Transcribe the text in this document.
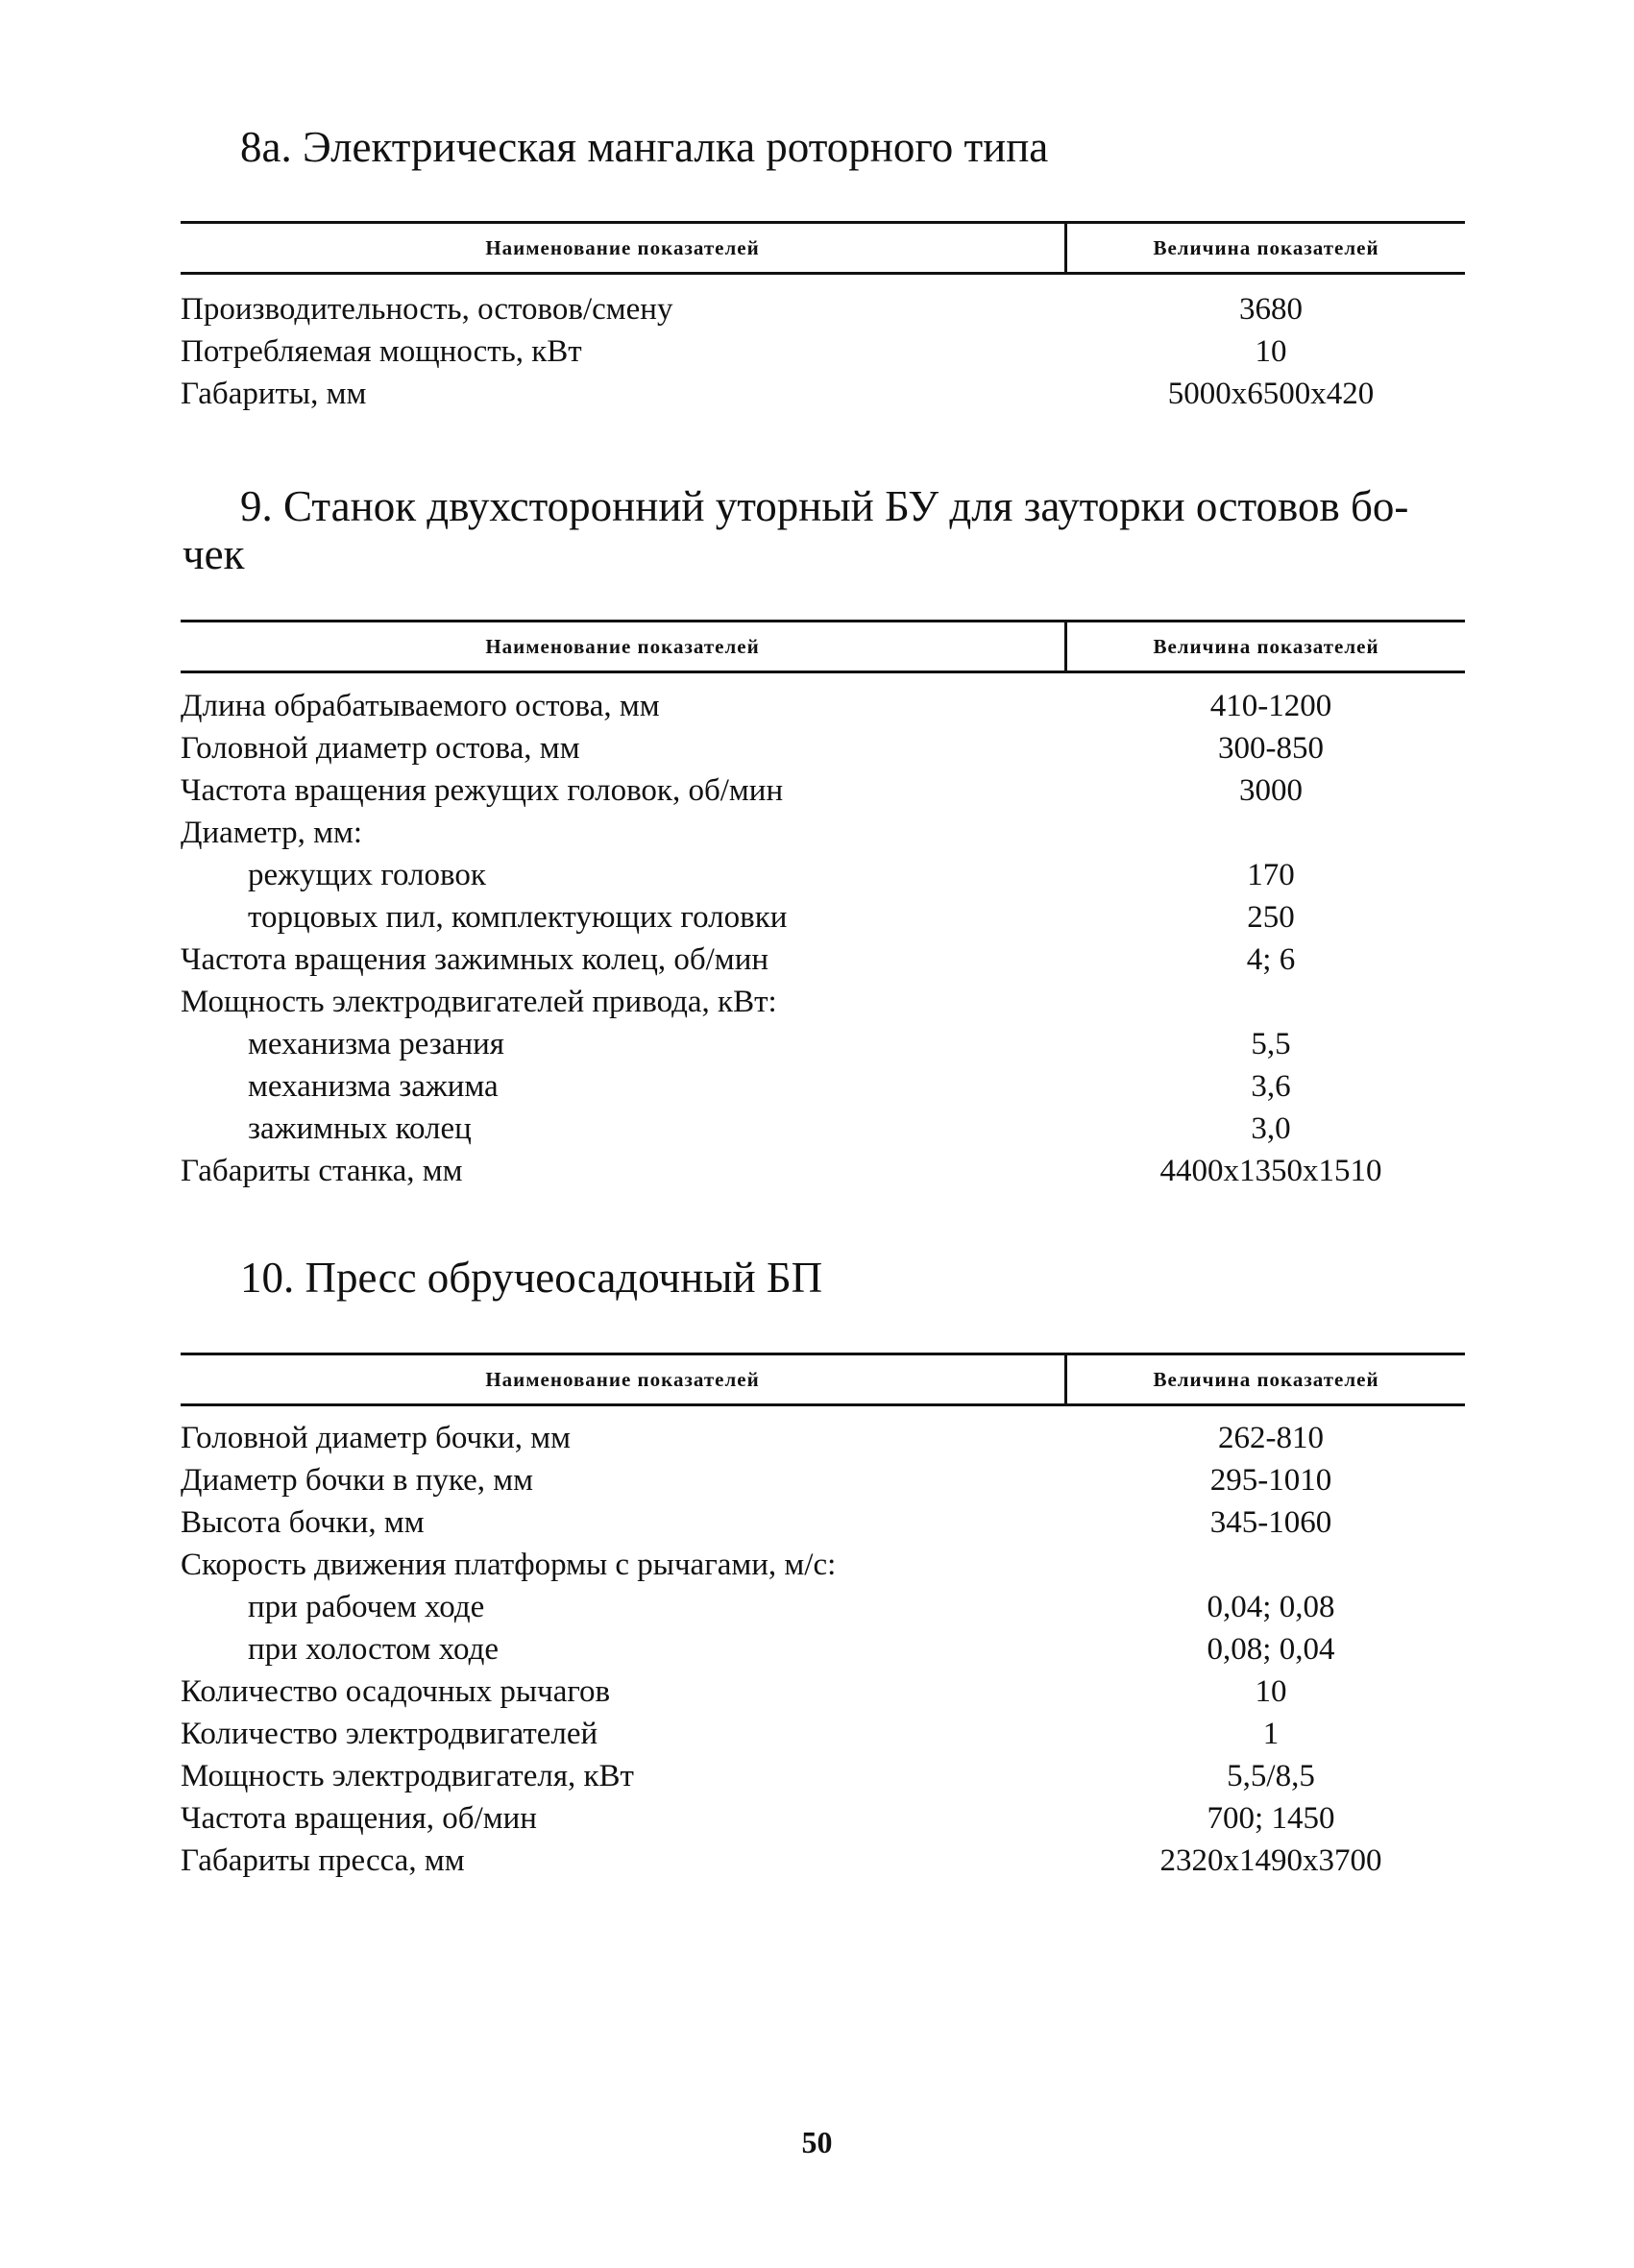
8а. Электрическая мангалка роторного типа
Наименование показателей	Величина показателей
Производительность, остовов/смену	3680
Потребляемая мощность, кВт	10
Габариты, мм	5000x6500x420
9. Станок двухсторонний уторный БУ для зауторки остовов бо-
чек
Наименование показателей	Величина показателей
Длина обрабатываемого остова, мм	410-1200
Головной диаметр остова, мм	300-850
Частота вращения режущих головок, об/мин	3000
Диаметр, мм:
режущих головок	170
торцовых пил, комплектующих головки	250
Частота вращения зажимных колец, об/мин	4; 6
Мощность электродвигателей привода, кВт:
механизма резания	5,5
механизма зажима	3,6
зажимных колец	3,0
Габариты станка, мм	4400x1350x1510
10. Пресс обручеосадочный БП
Наименование показателей	Величина показателей
Головной диаметр бочки, мм	262-810
Диаметр бочки в пуке, мм	295-1010
Высота бочки, мм	345-1060
Скорость движения платформы с рычагами, м/с:
при рабочем ходе	0,04; 0,08
при холостом ходе	0,08; 0,04
Количество осадочных рычагов	10
Количество электродвигателей	1
Мощность электродвигателя, кВт	5,5/8,5
Частота вращения, об/мин	700; 1450
Габариты пресса, мм	2320x1490x3700
50
